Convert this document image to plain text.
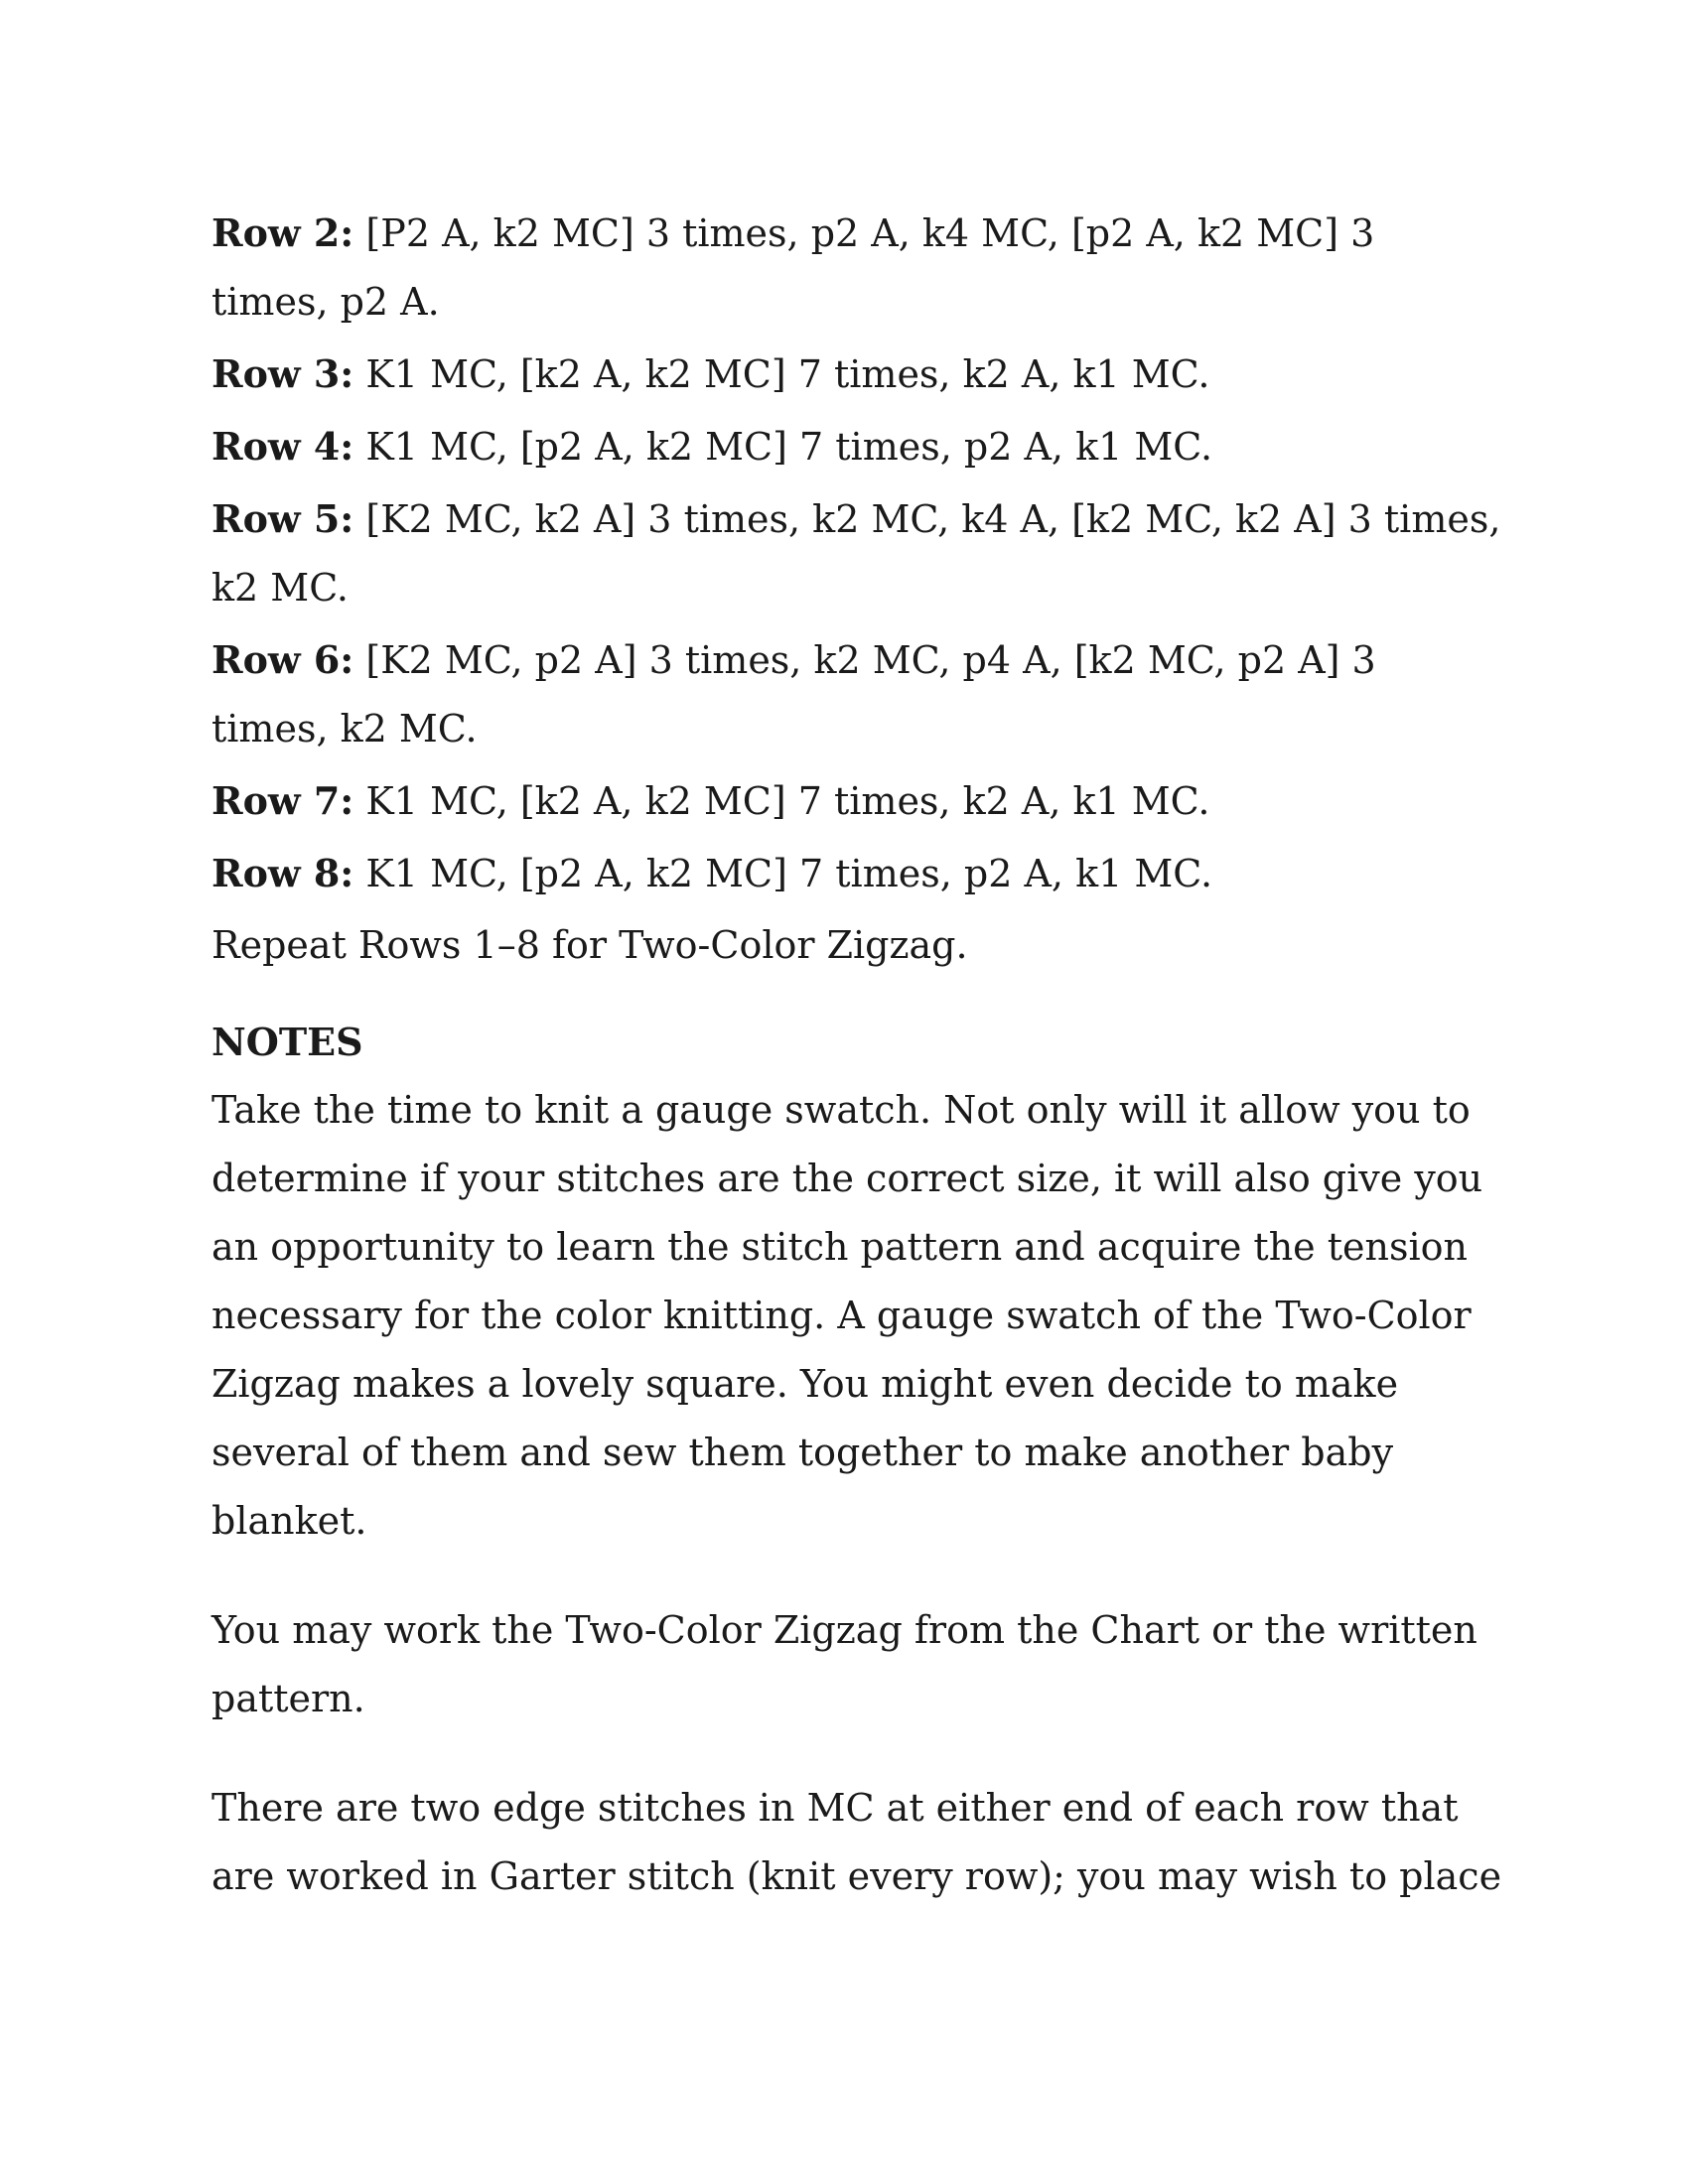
Row 2: [P2 A, k2 MC] 3 times, p2 A, k4 MC, [p2 A, k2 MC] 3 times, p2 A.
Row 3: K1 MC, [k2 A, k2 MC] 7 times, k2 A, k1 MC.
Row 4: K1 MC, [p2 A, k2 MC] 7 times, p2 A, k1 MC.
Row 5: [K2 MC, k2 A] 3 times, k2 MC, k4 A, [k2 MC, k2 A] 3 times, k2 MC.
Row 6: [K2 MC, p2 A] 3 times, k2 MC, p4 A, [k2 MC, p2 A] 3 times, k2 MC.
Row 7: K1 MC, [k2 A, k2 MC] 7 times, k2 A, k1 MC.
Row 8: K1 MC, [p2 A, k2 MC] 7 times, p2 A, k1 MC.
Repeat Rows 1–8 for Two-Color Zigzag.
NOTES

Take the time to knit a gauge swatch. Not only will it allow you to determine if your stitches are the correct size, it will also give you an opportunity to learn the stitch pattern and acquire the tension necessary for the color knitting. A gauge swatch of the Two-Color Zigzag makes a lovely square. You might even decide to make several of them and sew them together to make another baby blanket.

You may work the Two-Color Zigzag from the Chart or the written pattern.

There are two edge stitches in MC at either end of each row that are worked in Garter stitch (knit every row); you may wish to place
